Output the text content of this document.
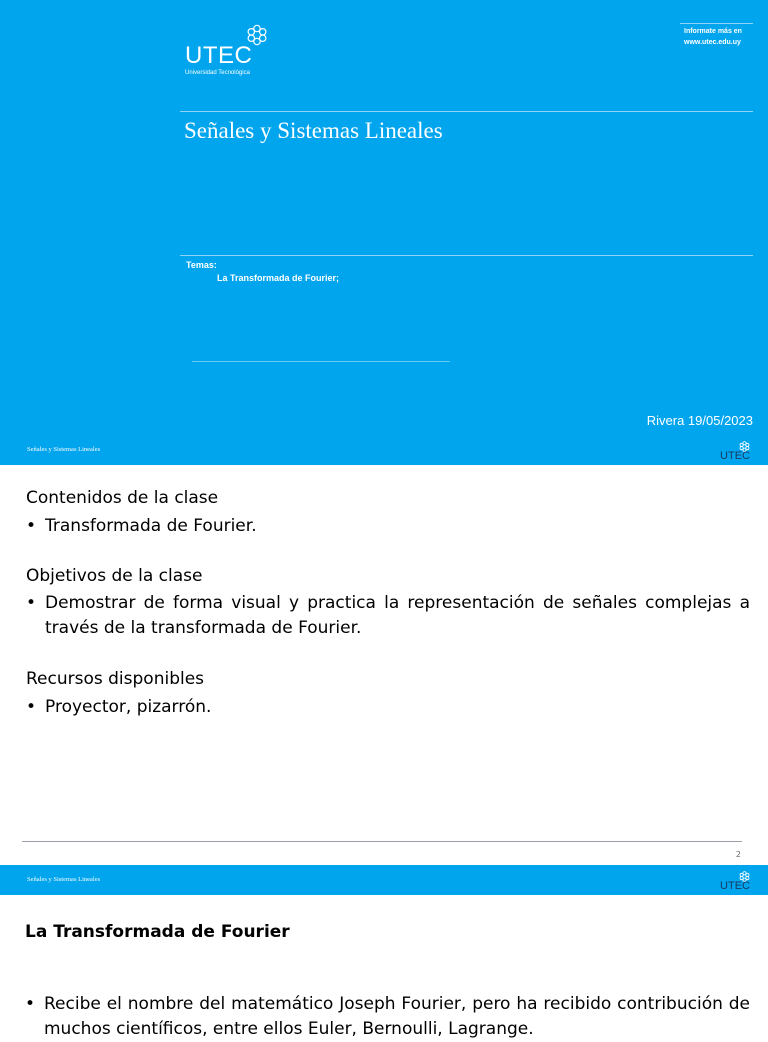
UTEC
Universidad Tecnológica
Informate más en
www.utec.edu.uy
Señales y Sistemas Lineales
Temas:
La Transformada de Fourier;
Rivera 19/05/2023
Señales y Sistemas Lineales
UTEC
Contenidos de la clase
• Transformada de Fourier.
Objetivos de la clase
• Demostrar de forma visual y practica la representación de señales complejas a través de la transformada de Fourier.
Recursos disponibles
• Proyector, pizarrón.
2
Señales y Sistemas Lineales
UTEC
La Transformada de Fourier
• Recibe el nombre del matemático Joseph Fourier, pero ha recibido contribución de muchos científicos, entre ellos Euler, Bernoulli, Lagrange.
